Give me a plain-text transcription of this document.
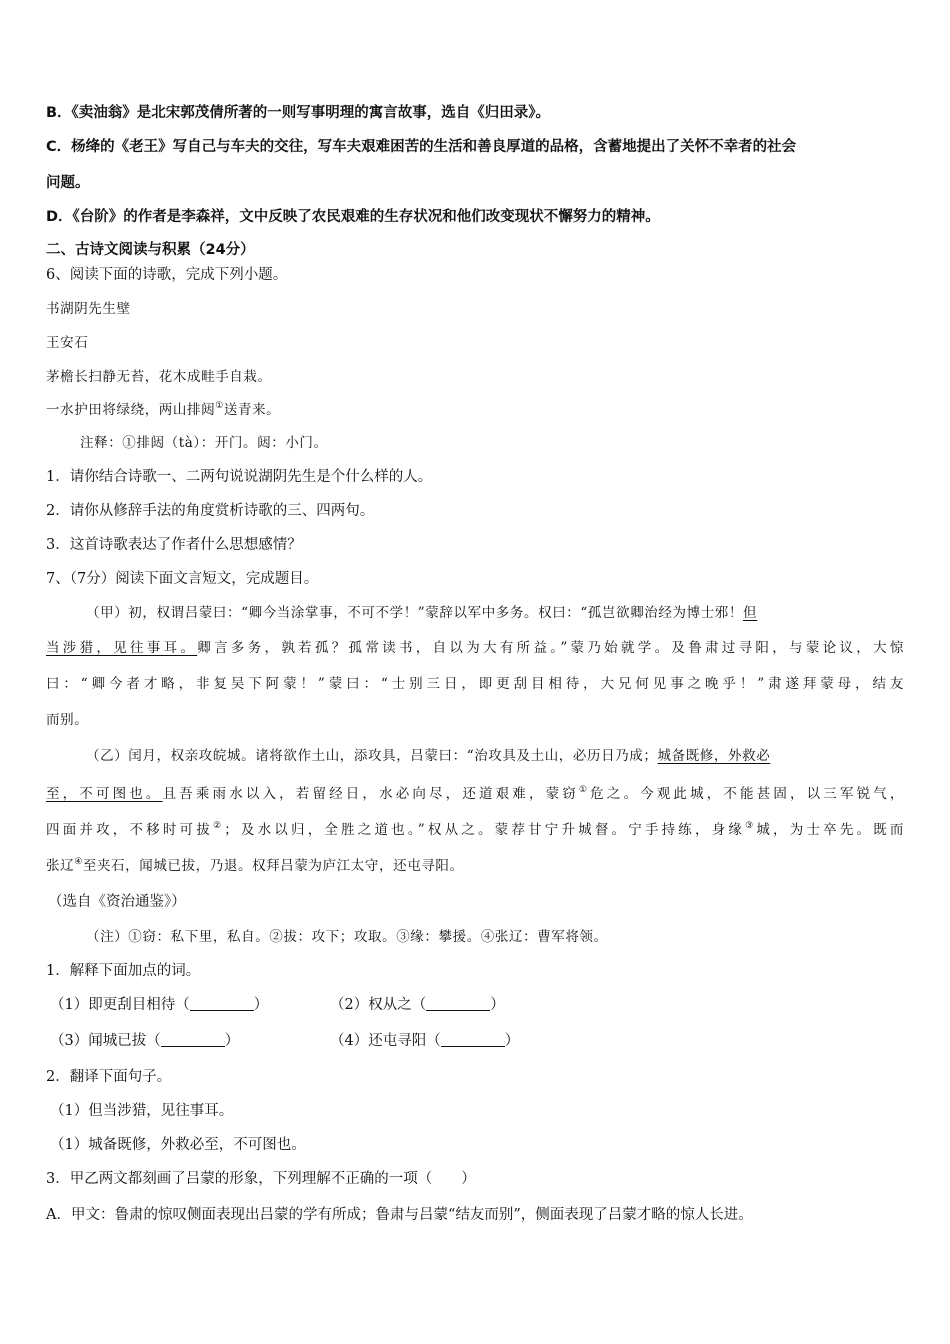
B．《卖油翁》是北宋郭茂倩所著的一则写事明理的寓言故事，选自《归田录》。
C．杨绛的《老王》写自己与车夫的交往，写车夫艰难困苦的生活和善良厚道的品格，含蓄地提出了关怀不幸者的社会
问题。
D．《台阶》的作者是李森祥，文中反映了农民艰难的生存状况和他们改变现状不懈努力的精神。
二、古诗文阅读与积累（24分）
6、阅读下面的诗歌，完成下列小题。
书湖阴先生壁
王安石
茅檐长扫静无苔，花木成畦手自栽。
一水护田将绿绕，两山排闼①送青来。
注释：①排闼（tà）：开门。闼：小门。
1．请你结合诗歌一、二两句说说湖阴先生是个什么样的人。
2．请你从修辞手法的角度赏析诗歌的三、四两句。
3．这首诗歌表达了作者什么思想感情？
7、（7分）阅读下面文言短文，完成题目。
（甲）初，权谓吕蒙曰：“卿今当涂掌事，不可不学！”蒙辞以军中多务。权曰：“孤岂欲卿治经为博士邪！但
当涉猎，见往事耳。卿言多务，孰若孤？孤常读书，自以为大有所益。”蒙乃始就学。及鲁肃过寻阳，与蒙论议，大惊
曰：“卿今者才略，非复吴下阿蒙！”蒙曰：“士别三日，即更刮目相待，大兄何见事之晚乎！”肃遂拜蒙母，结友
而别。
（乙）闰月，权亲攻皖城。诸将欲作土山，添攻具，吕蒙曰：“治攻具及土山，必历日乃成；城备既修，外救必
至，不可图也。且吾乘雨水以入，若留经日，水必向尽，还道艰难，蒙窃①危之。今观此城，不能甚固，以三军锐气，
四面并攻，不移时可拔②；及水以归，全胜之道也。”权从之。蒙荐甘宁升城督。宁手持练，身缘③城，为士卒先。既而
张辽④至夹石，闻城已拔，乃退。权拜吕蒙为庐江太守，还屯寻阳。
（选自《资治通鉴》）
（注）①窃：私下里，私自。②拔：攻下；攻取。③缘：攀援。④张辽：曹军将领。
1．解释下面加点的词。
（1）即更刮目相待（	）	（2）权从之（	）
（3）闻城已拔（	）	（4）还屯寻阳（	）
2．翻译下面句子。
（1）但当涉猎，见往事耳。
（1）城备既修，外救必至，不可图也。
3．甲乙两文都刻画了吕蒙的形象，下列理解不正确的一项（　　）
A．甲文：鲁肃的惊叹侧面表现出吕蒙的学有所成；鲁肃与吕蒙“结友而别”，侧面表现了吕蒙才略的惊人长进。
